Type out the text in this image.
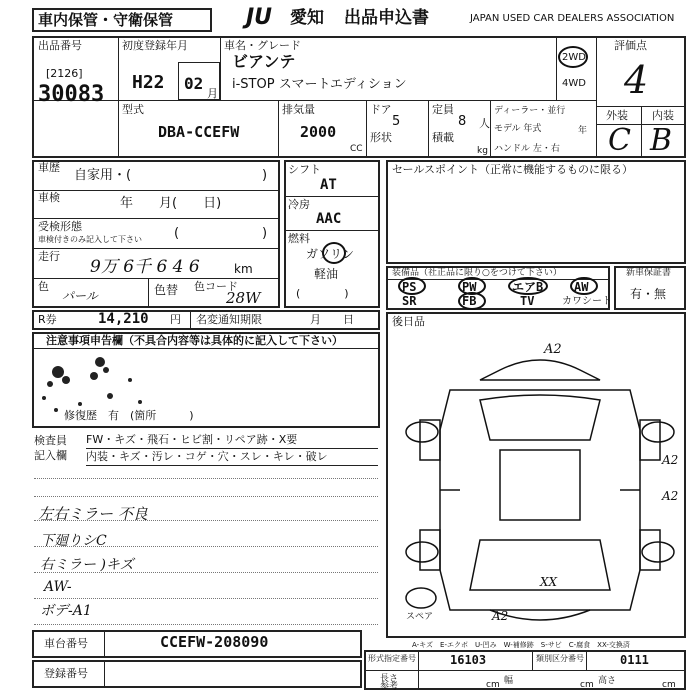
車内保管・守衛保管	JU 愛知 出品申込書	JAPAN USED CAR DEALERS ASSOCIATION
出品番号
[2126]
30083
初度登録年月
H22 02
月
車名・グレード
ビアンテ
i-STOP スマートエディション
2WD
4WD
評価点
4
外装 内装
C B
型式
DBA-CCEFW
排気量
2000
CC
ドア
5
形状
定員
8 人
積載
kg
ディーラー・並行
モデル 年式	年
ハンドル 左・右
車歴
自家用・(	)
車検	年　　月(　　日)
受検形態
車検付きのみ記入して下さい (	)
走行
9万 6千 6 4 6	km
色
パール	色替 色コード
28W
R券	14,210 円 名変通知期限	月　　日
シフト
AT
冷房
AAC
燃料
ガソリン
軽油
(　　　　)
セールスポイント（正常に機能するものに限る）
装備品（社正品に限り○をつけて下さい）
PS	PW	エアB	AW
SR	FB	TV	カワシート
新車保証書
有・無
後日品
注意事項申告欄（不具合内容等は具体的に記入して下さい）
修復歴　有　(箇所　　　)
検査員
記入欄
FW・キズ・飛石・ヒビ割・リペア跡・X要
内装・キズ・汚レ・コゲ・穴・スレ・キレ・破レ
左右ミラー 不良
下廻りシC
右ミラー )キズ
AW-
ボデ-A1
A2
A2
A2
XX
A2
スペア
A-キズ　E-エクボ　U-凹み　W-補修跡　S-サビ　C-腐食　XX-交換済
車台番号	CCEFW-208090
登録番号
形式指定番号	16103	類別区分番号	0111
長さ
参考	cm 幅	cm 高さ	cm
